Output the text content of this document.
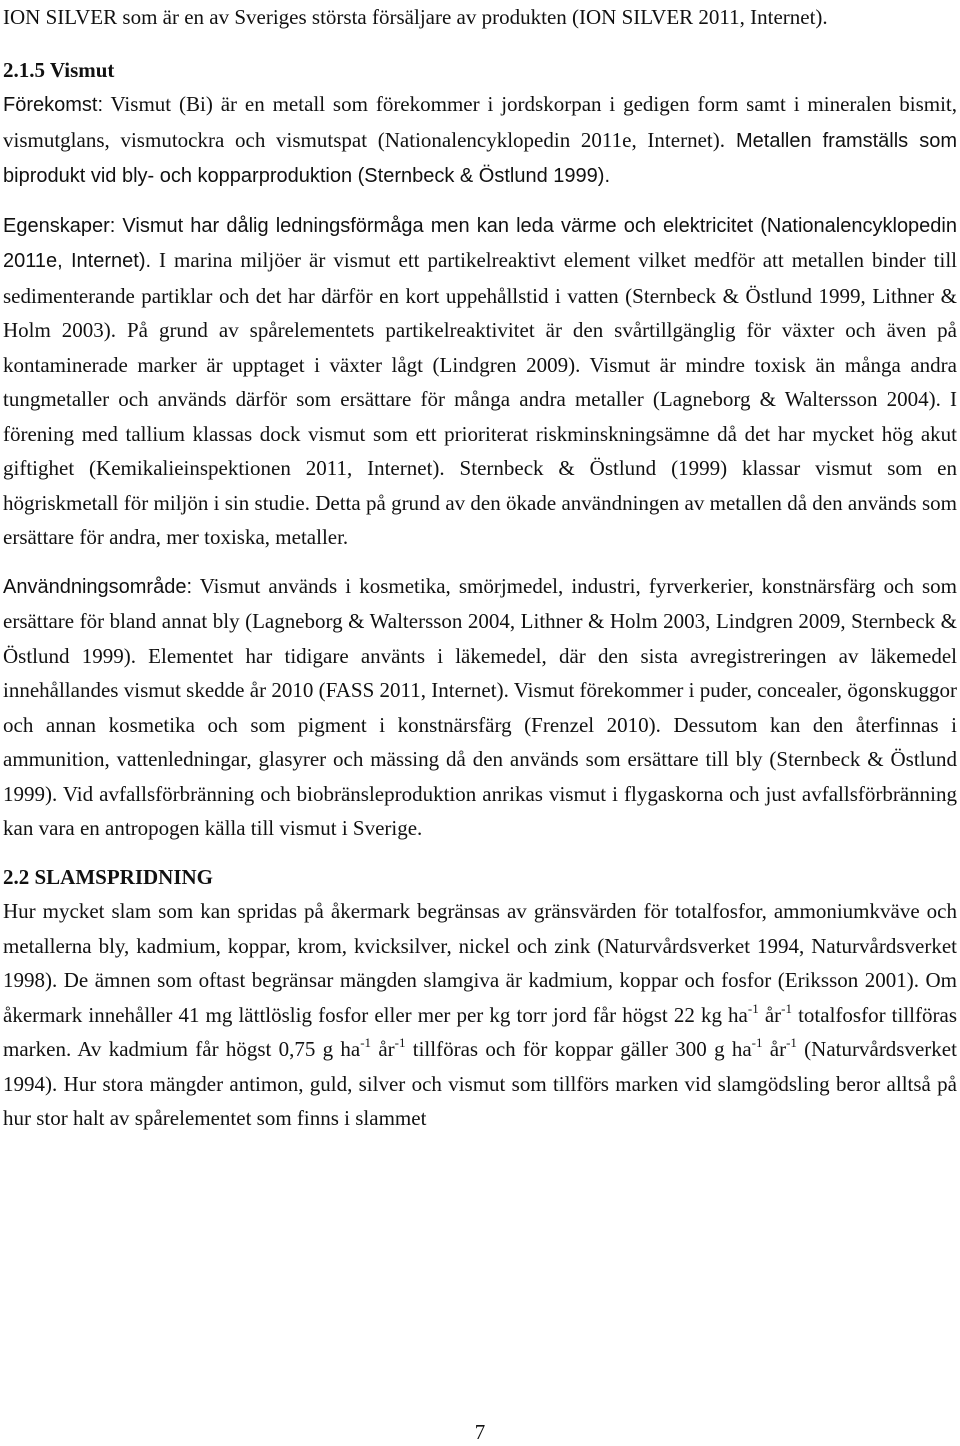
ION SILVER som är en av Sveriges största försäljare av produkten (ION SILVER 2011, Internet).

2.1.5 Vismut

Förekomst: Vismut (Bi) är en metall som förekommer i jordskorpan i gedigen form samt i mineralen bismit, vismutglans, vismutockra och vismutspat (Nationalencyklopedin 2011e, Internet). Metallen framställs som biprodukt vid bly- och kopparproduktion (Sternbeck & Östlund 1999).

Egenskaper: Vismut har dålig ledningsförmåga men kan leda värme och elektricitet (Nationalencyklopedin 2011e, Internet). I marina miljöer är vismut ett partikelreaktivt element vilket medför att metallen binder till sedimenterande partiklar och det har därför en kort uppehållstid i vatten (Sternbeck & Östlund 1999, Lithner & Holm 2003). På grund av spårelementets partikelreaktivitet är den svårtillgänglig för växter och även på kontaminerade marker är upptaget i växter lågt (Lindgren 2009). Vismut är mindre toxisk än många andra tungmetaller och används därför som ersättare för många andra metaller (Lagneborg & Waltersson 2004). I förening med tallium klassas dock vismut som ett prioriterat riskminskningsämne då det har mycket hög akut giftighet (Kemikalieinspektionen 2011, Internet). Sternbeck & Östlund (1999) klassar vismut som en högriskmetall för miljön i sin studie. Detta på grund av den ökade användningen av metallen då den används som ersättare för andra, mer toxiska, metaller.

Användningsområde: Vismut används i kosmetika, smörjmedel, industri, fyrverkerier, konstnärsfärg och som ersättare för bland annat bly (Lagneborg & Waltersson 2004, Lithner & Holm 2003, Lindgren 2009, Sternbeck & Östlund 1999). Elementet har tidigare använts i läkemedel, där den sista avregistreringen av läkemedel innehållandes vismut skedde år 2010 (FASS 2011, Internet). Vismut förekommer i puder, concealer, ögonskuggor och annan kosmetika och som pigment i konstnärsfärg (Frenzel 2010). Dessutom kan den återfinnas i ammunition, vattenledningar, glasyrer och mässing då den används som ersättare till bly (Sternbeck & Östlund 1999). Vid avfallsförbränning och biobränsleproduktion anrikas vismut i flygaskorna och just avfallsförbränning kan vara en antropogen källa till vismut i Sverige.

2.2 SLAMSPRIDNING

Hur mycket slam som kan spridas på åkermark begränsas av gränsvärden för totalfosfor, ammoniumkväve och metallerna bly, kadmium, koppar, krom, kvicksilver, nickel och zink (Naturvårdsverket 1994, Naturvårdsverket 1998). De ämnen som oftast begränsar mängden slamgiva är kadmium, koppar och fosfor (Eriksson 2001). Om åkermark innehåller 41 mg lättlöslig fosfor eller mer per kg torr jord får högst 22 kg $ha^{-1}$ $år^{-1}$ totalfosfor tillföras marken. Av kadmium får högst 0,75 g $ha^{-1}$ $år^{-1}$ tillföras och för koppar gäller 300 g $ha^{-1}$ $år^{-1}$ (Naturvårdsverket 1994). Hur stora mängder antimon, guld, silver och vismut som tillförs marken vid slamgödsling beror alltså på hur stor halt av spårelementet som finns i slammet

7
